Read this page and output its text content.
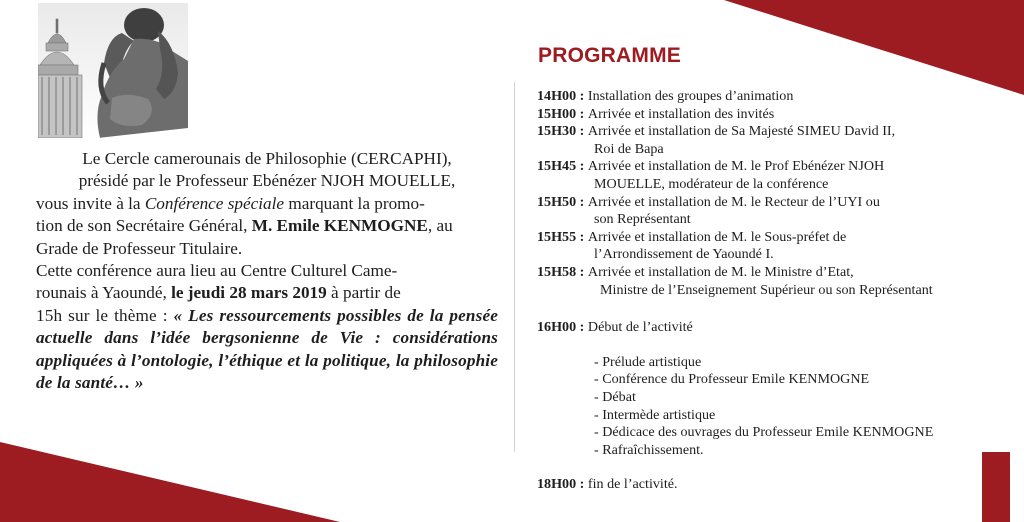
Le Cercle camerounais de Philosophie (CERCAPHI),

présidé par le Professeur Ebénézer NJOH MOUELLE,

vous invite à la Conférence spéciale marquant la promo-

tion de son Secrétaire Général, M. Emile KENMOGNE, au

Grade de Professeur Titulaire.

Cette conférence aura lieu au Centre Culturel Came-

rounais à Yaoundé, le jeudi 28 mars 2019 à partir de

15h sur le thème : « Les ressourcements possibles de la pensée actuelle dans l’idée bergsonienne de Vie : considérations appliquées à l’ontologie, l’éthique et la politique, la philosophie de la santé… »

PROGRAMME
14H00 : Installation des groupes d’animation
15H00 : Arrivée et installation des invités
15H30 : Arrivée et installation de Sa Majesté SIMEU David II,
Roi de Bapa
15H45 : Arrivée et installation de M. le Prof Ebénézer NJOH
MOUELLE, modérateur de la conférence
15H50 : Arrivée et installation de M. le Recteur de l’UYI ou
son Représentant
15H55 : Arrivée et installation de M. le Sous-préfet de
l’Arrondissement de Yaoundé I.
15H58 : Arrivée et installation de M. le Ministre d’Etat,
Ministre de l’Enseignement Supérieur ou son Représentant
16H00 : Début de l’activité
- Prélude artistique
- Conférence du Professeur Emile KENMOGNE
- Débat
- Intermède artistique
- Dédicace des ouvrages du Professeur Emile KENMOGNE
- Rafraîchissement.
18H00 : fin de l’activité.
